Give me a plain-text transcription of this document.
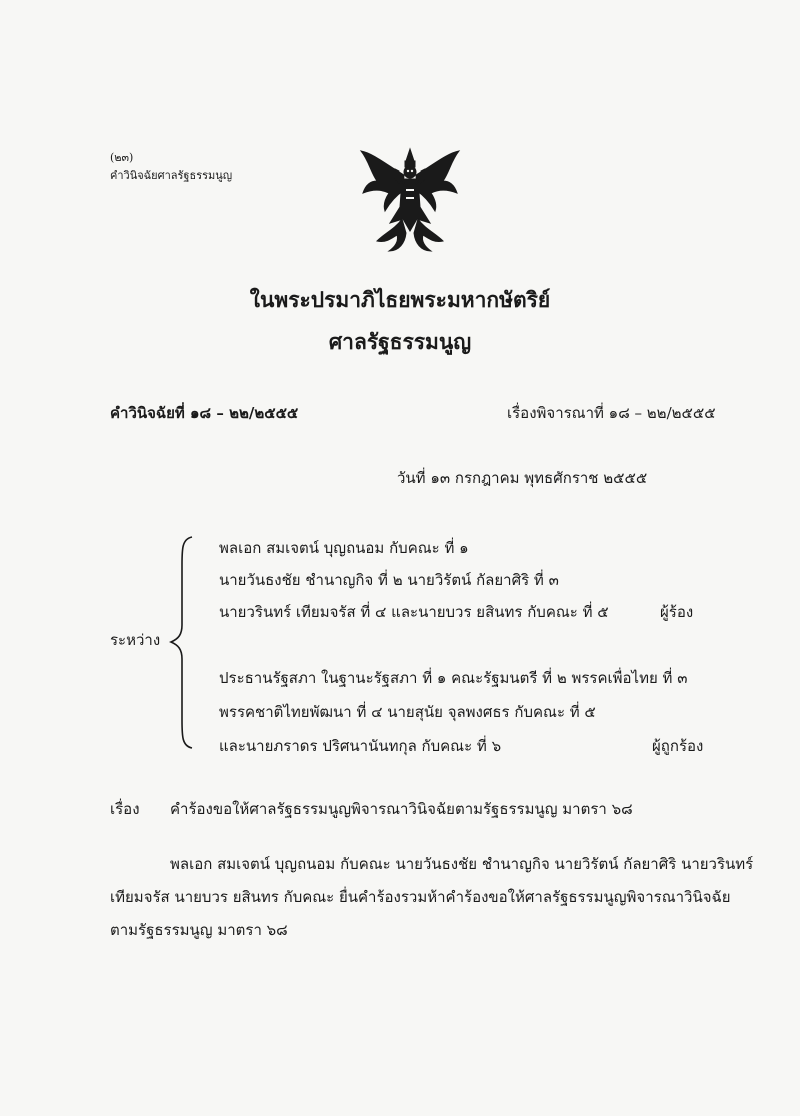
(๒๓)
คำวินิจฉัยศาลรัฐธรรมนูญ
ในพระปรมาภิไธยพระมหากษัตริย์
ศาลรัฐธรรมนูญ
คำวินิจฉัยที่ ๑๘ – ๒๒/๒๕๕๕	เรื่องพิจารณาที่ ๑๘ – ๒๒/๒๕๕๕
วันที่ ๑๓ กรกฎาคม พุทธศักราช ๒๕๕๕
ระหว่าง
พลเอก สมเจตน์ บุญถนอม กับคณะ ที่ ๑
นายวันธงชัย ชำนาญกิจ ที่ ๒ นายวิรัตน์ กัลยาศิริ ที่ ๓
นายวรินทร์ เทียมจรัส ที่ ๔ และนายบวร ยสินทร กับคณะ ที่ ๕	ผู้ร้อง
ประธานรัฐสภา ในฐานะรัฐสภา ที่ ๑ คณะรัฐมนตรี ที่ ๒ พรรคเพื่อไทย ที่ ๓
พรรคชาติไทยพัฒนา ที่ ๔ นายสุนัย จุลพงศธร กับคณะ ที่ ๕
และนายภราดร ปริศนานันทกุล กับคณะ ที่ ๖	ผู้ถูกร้อง
เรื่อง คำร้องขอให้ศาลรัฐธรรมนูญพิจารณาวินิจฉัยตามรัฐธรรมนูญ มาตรา ๖๘
พลเอก สมเจตน์ บุญถนอม กับคณะ นายวันธงชัย ชำนาญกิจ นายวิรัตน์ กัลยาศิริ นายวรินทร์
เทียมจรัส นายบวร ยสินทร กับคณะ ยื่นคำร้องรวมห้าคำร้องขอให้ศาลรัฐธรรมนูญพิจารณาวินิจฉัย
ตามรัฐธรรมนูญ มาตรา ๖๘
